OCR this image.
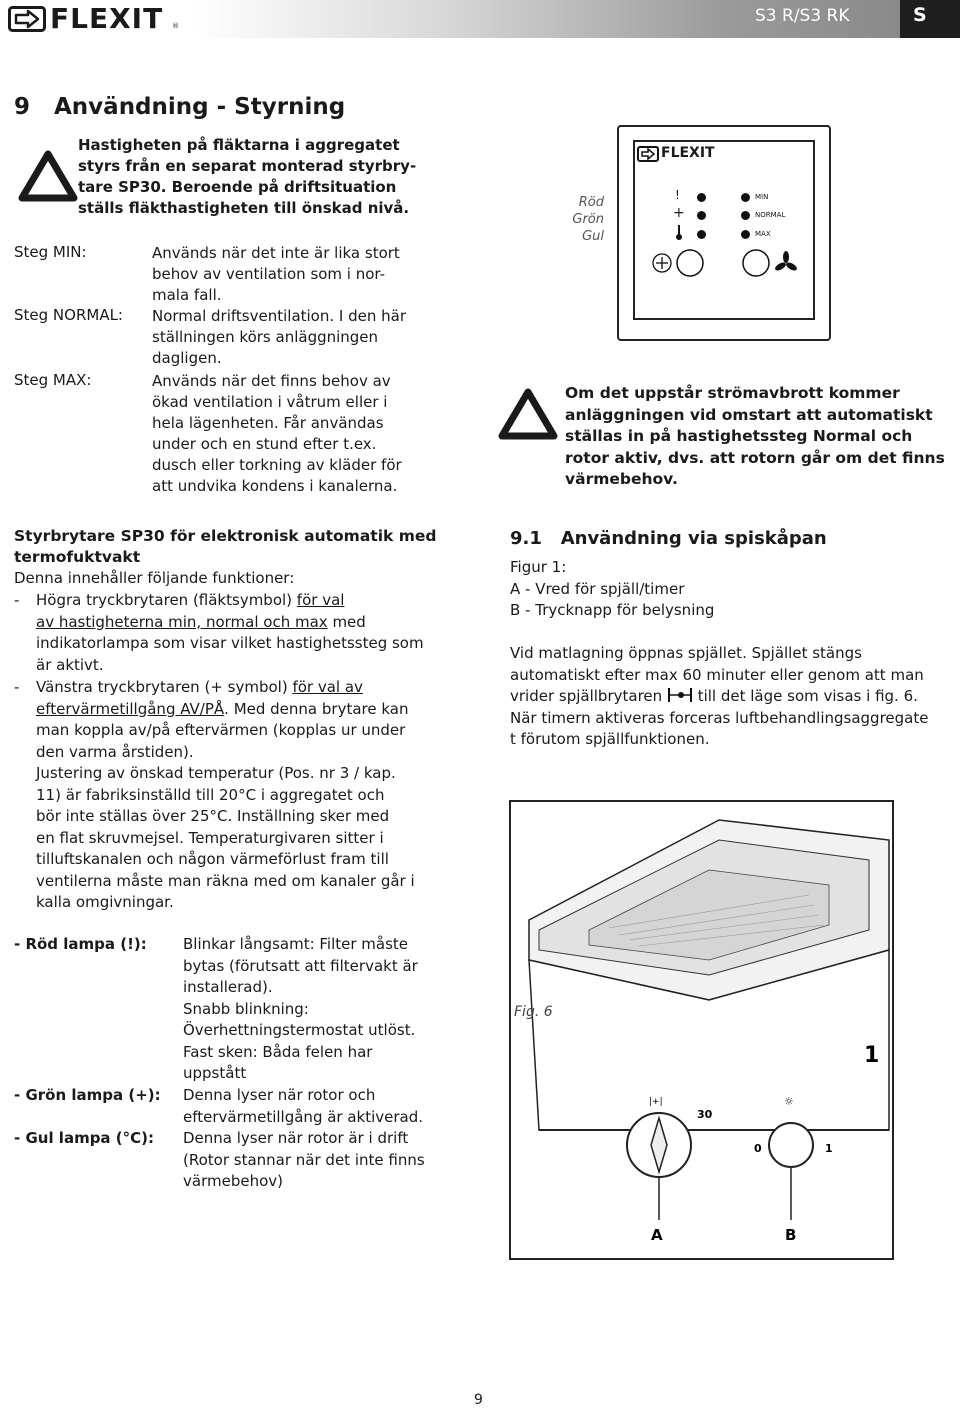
FLEXIT ®	S3 R/S3 RK	S
9 Användning - Styrning
Hastigheten på fläktarna i aggregatet
styrs från en separat monterad styrbry-
tare SP30. Beroende på driftsituation
ställs fläkthastigheten till önskad nivå.
Steg MIN:	Används när det inte är lika stort
behov av ventilation som i nor-
mala fall.
Steg NORMAL: Normal driftsventilation. I den här
ställningen körs anläggningen
dagligen.
Steg MAX:	Används när det finns behov av
ökad ventilation i våtrum eller i
hela lägenheten. Får användas
under och en stund efter t.ex.
dusch eller torkning av kläder för
att undvika kondens i kanalerna.
Röd
Grön
Gul
FLEXIT
!
+
MIN
NORMAL
MAX
Om det uppstår strömavbrott kommer
anläggningen vid omstart att automatiskt
ställas in på hastighetssteg Normal och
rotor aktiv, dvs. att rotorn går om det finns
värmebehov.
Styrbrytare SP30 för elektronisk automatik med
termofuktvakt
Denna innehåller följande funktioner:
- Högra tryckbrytaren (fläktsymbol) för val
av hastigheterna min, normal och max med
indikatorlampa som visar vilket hastighetssteg som
är aktivt.
- Vänstra tryckbrytaren (+ symbol) för val av
eftervärmetillgång AV/PÅ. Med denna brytare kan
man koppla av/på eftervärmen (kopplas ur under
den varma årstiden).
Justering av önskad temperatur (Pos. nr 3 / kap.
11) är fabriksinställd till 20°C i aggregatet och
bör inte ställas över 25°C. Inställning sker med
en flat skruvmejsel. Temperaturgivaren sitter i
tilluftskanalen och någon värmeförlust fram till
ventilerna måste man räkna med om kanaler går i
kalla omgivningar.
- Röd lampa (!): Blinkar långsamt: Filter måste
bytas (förutsatt att filtervakt är
installerad).
Snabb blinkning:
Överhettningstermostat utlöst.
Fast sken: Båda felen har
uppstått
- Grön lampa (+): Denna lyser när rotor och
eftervärmetillgång är aktiverad.
- Gul lampa (°C): Denna lyser när rotor är i drift
(Rotor stannar när det inte finns
värmebehov)
9.1 Användning via spiskåpan
Figur 1:
A - Vred för spjäll/timer
B - Trycknapp för belysning
Vid matlagning öppnas spjället. Spjället stängs
automatiskt efter max 60 minuter eller genom att man
vrider spjällbrytaren till det läge som visas i fig. 6.
När timern aktiveras forceras luftbehandlingsaggregate
t förutom spjällfunktionen.
|+|
30
☼
0	1
1
A	B
Fig. 6
9
